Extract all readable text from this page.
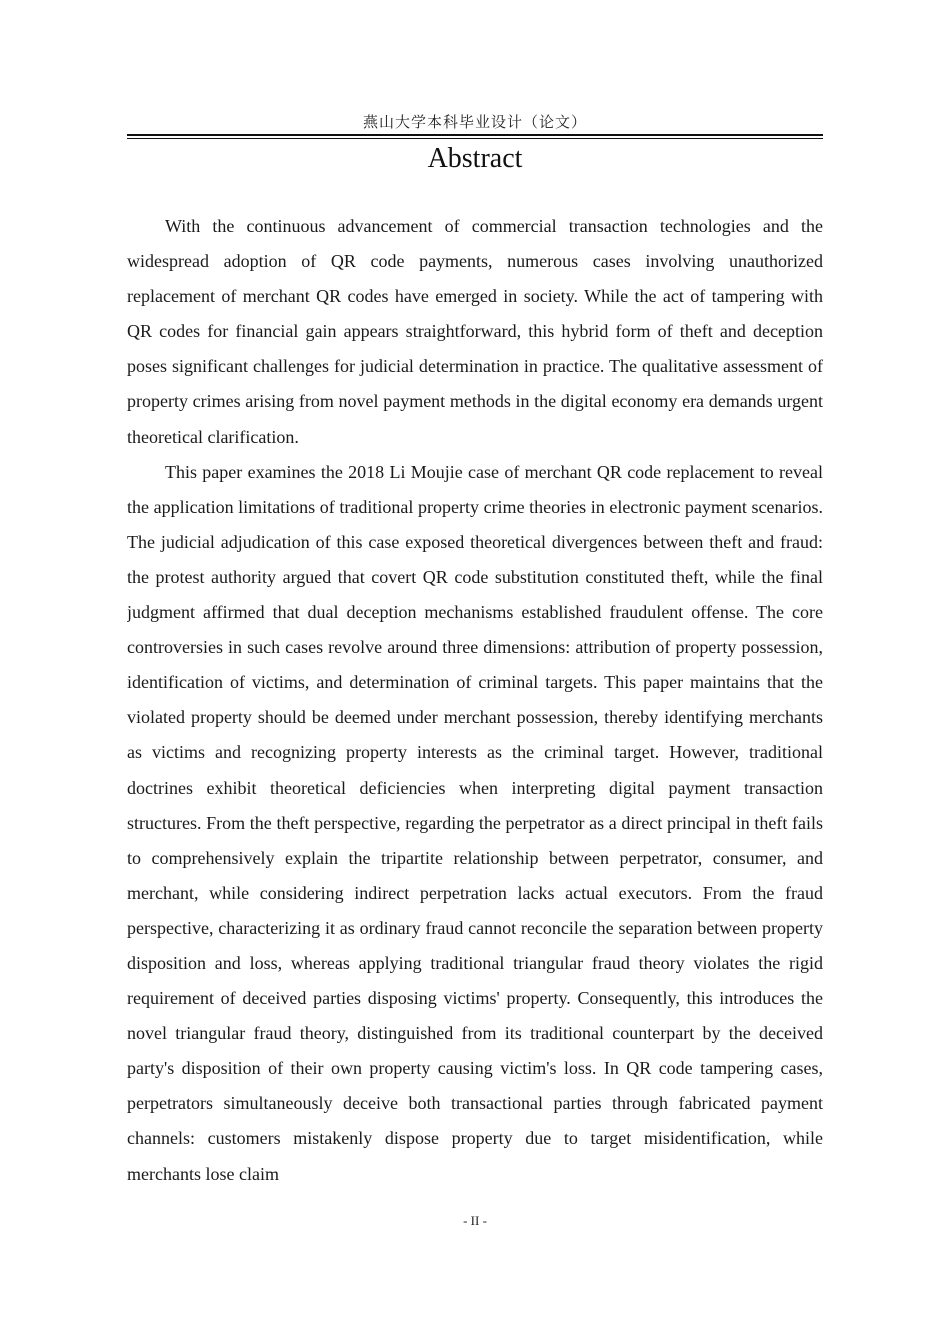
燕山大学本科毕业设计（论文）
Abstract

With the continuous advancement of commercial transaction technologies and the widespread adoption of QR code payments, numerous cases involving unauthorized replacement of merchant QR codes have emerged in society. While the act of tampering with QR codes for financial gain appears straightforward, this hybrid form of theft and deception poses significant challenges for judicial determination in practice. The qualitative assessment of property crimes arising from novel payment methods in the digital economy era demands urgent theoretical clarification.

This paper examines the 2018 Li Moujie case of merchant QR code replacement to reveal the application limitations of traditional property crime theories in electronic payment scenarios. The judicial adjudication of this case exposed theoretical divergences between theft and fraud: the protest authority argued that covert QR code substitution constituted theft, while the final judgment affirmed that dual deception mechanisms established fraudulent offense. The core controversies in such cases revolve around three dimensions: attribution of property possession, identification of victims, and determination of criminal targets. This paper maintains that the violated property should be deemed under merchant possession, thereby identifying merchants as victims and recognizing property interests as the criminal target. However, traditional doctrines exhibit theoretical deficiencies when interpreting digital payment transaction structures. From the theft perspective, regarding the perpetrator as a direct principal in theft fails to comprehensively explain the tripartite relationship between perpetrator, consumer, and merchant, while considering indirect perpetration lacks actual executors. From the fraud perspective, characterizing it as ordinary fraud cannot reconcile the separation between property disposition and loss, whereas applying traditional triangular fraud theory violates the rigid requirement of deceived parties disposing victims' property. Consequently, this introduces the novel triangular fraud theory, distinguished from its traditional counterpart by the deceived party's disposition of their own property causing victim's loss. In QR code tampering cases, perpetrators simultaneously deceive both transactional parties through fabricated payment channels: customers mistakenly dispose property due to target misidentification, while merchants lose claim

- II -
